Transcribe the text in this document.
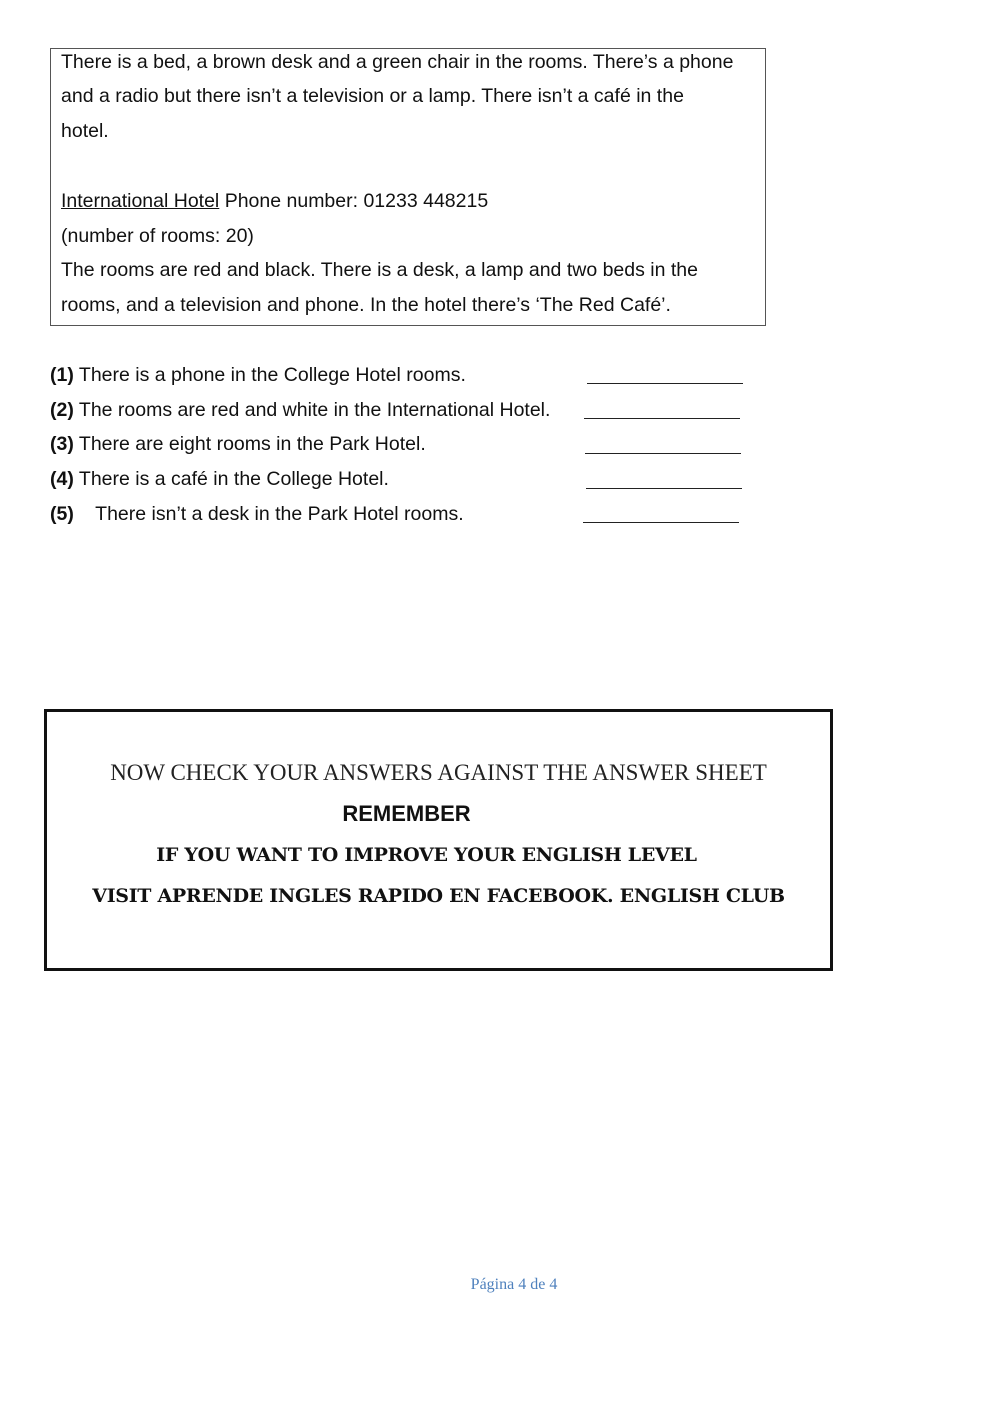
There is a bed, a brown desk and a green chair in the rooms. There’s a phone
and a radio but there isn’t a television or a lamp. There isn’t a café in the
hotel.
International Hotel Phone number: 01233 448215
(number of rooms: 20)
The rooms are red and black. There is a desk, a lamp and two beds in the
rooms, and a television and phone. In the hotel there’s ‘The Red Café’.
(1) There is a phone in the College Hotel rooms.
(2) The rooms are red and white in the International Hotel.
(3) There are eight rooms in the Park Hotel.
(4) There is a café in the College Hotel.
(5)    There isn’t a desk in the Park Hotel rooms.
NOW CHECK YOUR ANSWERS AGAINST THE ANSWER SHEET
REMEMBER
IF YOU WANT TO IMPROVE YOUR ENGLISH LEVEL
VISIT APRENDE INGLES RAPIDO EN FACEBOOK. ENGLISH CLUB
Página 4 de 4
